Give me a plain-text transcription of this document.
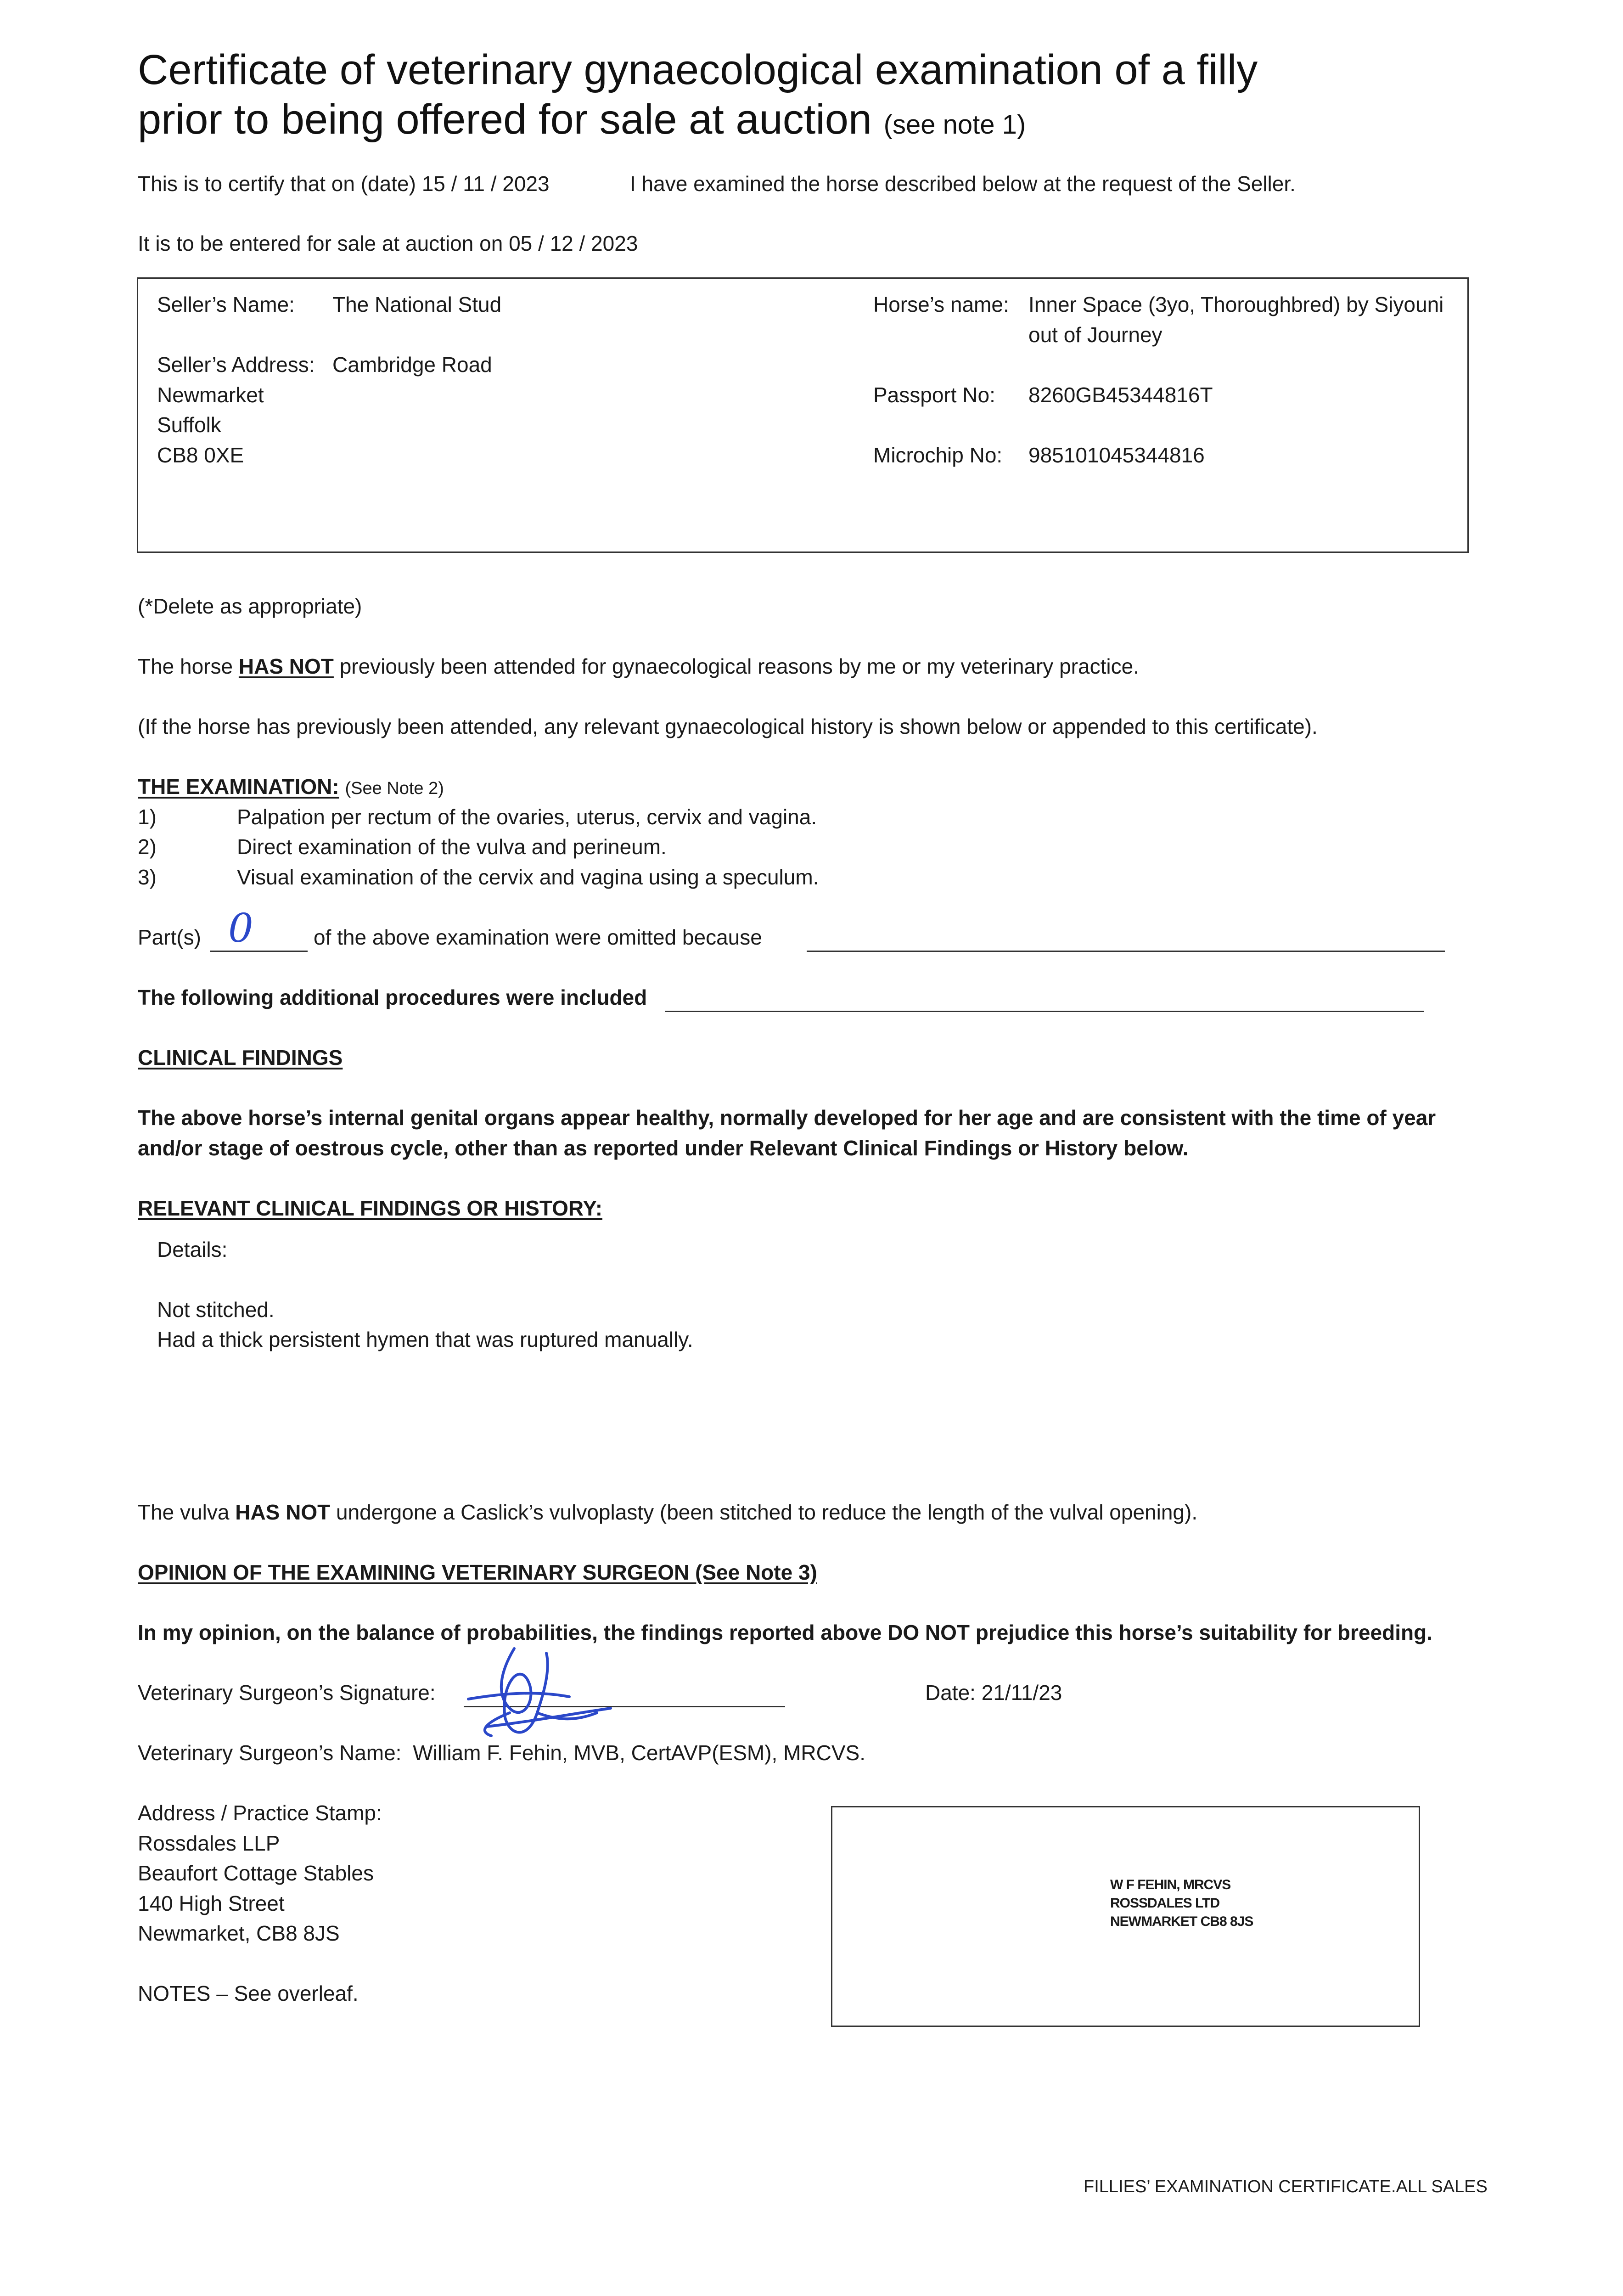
Certificate of veterinary gynaecological examination of a filly
prior to being offered for sale at auction (see note 1)
This is to certify that on (date) 15 / 11 / 2023	I have examined the horse described below at the request of the Seller.
It is to be entered for sale at auction on 05 / 12 / 2023
Seller’s Name: The National Stud
Seller’s Address: Cambridge Road
Newmarket
Suffolk
CB8 0XE
Horse’s name: Inner Space (3yo, Thoroughbred) by Siyouni
out of Journey
Passport No: 8260GB45344816T
Microchip No: 985101045344816
(*Delete as appropriate)
The horse HAS NOT previously been attended for gynaecological reasons by me or my veterinary practice.
(If the horse has previously been attended, any relevant gynaecological history is shown below or appended to this certificate).
THE EXAMINATION: (See Note 2)
1)	Palpation per rectum of the ovaries, uterus, cervix and vagina.
2)	Direct examination of the vulva and perineum.
3)	Visual examination of the cervix and vagina using a speculum.
Part(s) 0	of the above examination were omitted because
The following additional procedures were included
CLINICAL FINDINGS
The above horse’s internal genital organs appear healthy, normally developed for her age and are consistent with the time of year
and/or stage of oestrous cycle, other than as reported under Relevant Clinical Findings or History below.
RELEVANT CLINICAL FINDINGS OR HISTORY:
Details:
Not stitched.
Had a thick persistent hymen that was ruptured manually.
The vulva HAS NOT undergone a Caslick’s vulvoplasty (been stitched to reduce the length of the vulval opening).
OPINION OF THE EXAMINING VETERINARY SURGEON (See Note 3)
In my opinion, on the balance of probabilities, the findings reported above DO NOT prejudice this horse’s suitability for breeding.
Veterinary Surgeon’s Signature:	Date: 21/11/23
Veterinary Surgeon’s Name: William F. Fehin, MVB, CertAVP(ESM), MRCVS.
Address / Practice Stamp:
Rossdales LLP
Beaufort Cottage Stables
140 High Street
Newmarket, CB8 8JS
NOTES – See overleaf.
W F FEHIN, MRCVS
ROSSDALES LTD
NEWMARKET CB8 8JS
FILLIES’ EXAMINATION CERTIFICATE.ALL SALES
